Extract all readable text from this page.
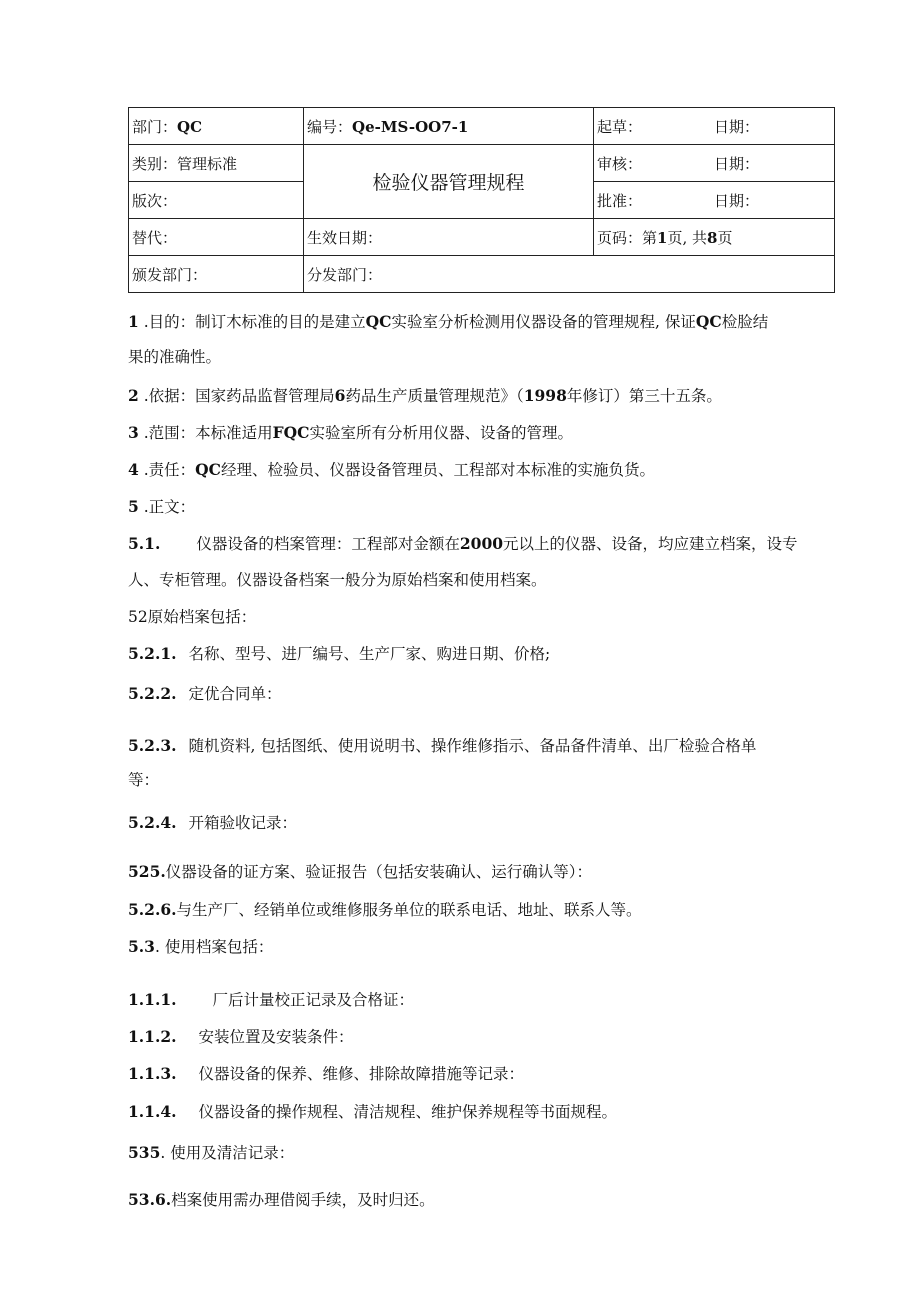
部门：QC	编号：Qe-MS-OO7-1	起草： 日期：
类别：管理标准	检验仪器管理规程	审核： 日期：
版次：		批准： 日期：
替代：	生效日期：	页码：第1页, 共8页
颁发部门：	分发部门：	
1 .目的：制订木标准的目的是建立QC实验室分析检测用仪器设备的管理规程, 保证QC检脸结
果的准确性。
2 .依据：国家药品监督管理局6药品生产质量管理规范》（1998年修订）第三十五条。
3 .范围：本标准适用FQC实验室所有分析用仪器、设备的管理。
4 .责任：QC经理、检验员、仪器设备管理员、工程部对本标准的实施负货。
5 .正文：
5.1. 仪器设备的档案管理：工程部对金额在2000元以上的仪器、设备，均应建立档案，设专
人、专柜管理。仪器设备档案一般分为原始档案和使用档案。
52原始档案包括：
5.2.1. 名称、型号、进厂编号、生产厂家、购进日期、价格;
5.2.2. 定优合同单：
5.2.3. 随机资料, 包括图纸、使用说明书、操作维修指示、备品备件清单、出厂检验合格单
等：
5.2.4. 开箱验收记录：
525.仪器设备的证方案、验证报告（包括安装确认、运行确认等）：
5.2.6.与生产厂、经销单位或维修服务单位的联系电话、地址、联系人等。
5.3. 使用档案包括：
1.1.1. 厂后计量校正记录及合格证：
1.1.2. 安装位置及安装条件：
1.1.3. 仪器设备的保养、维修、排除故障措施等记录：
1.1.4. 仪器设备的操作规程、清洁规程、维护保养规程等书面规程。
535. 使用及清洁记录：
53.6.档案使用需办理借阅手续，及时归还。
